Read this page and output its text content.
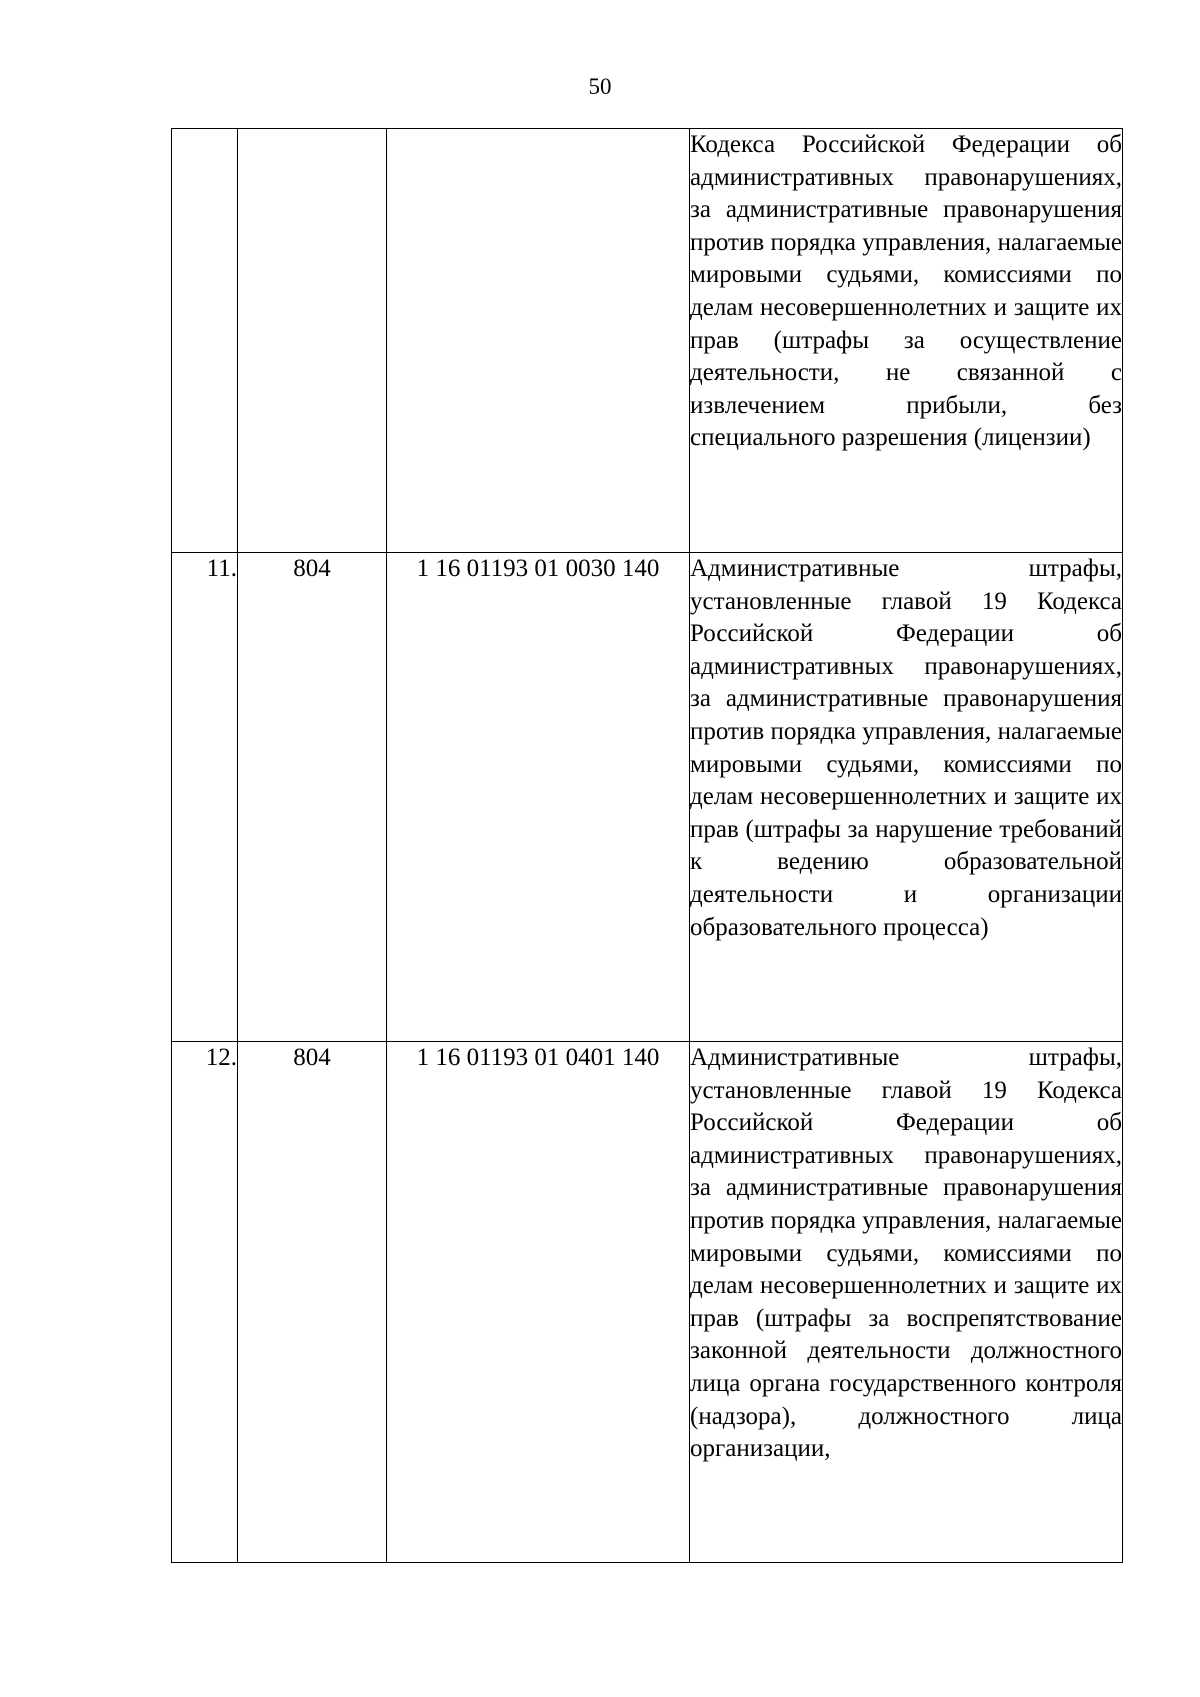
50

			Кодекса Российской Федерации об административных правонарушениях, за административные правонарушения против порядка управления, налагаемые мировыми судьями, комиссиями по делам несовершеннолетних и защите их прав (штрафы за осуществление деятельности, не связанной с извлечением прибыли, без специального разрешения (лицензии)

11.	804	1 16 01193 01 0030 140	Административные штрафы, установленные главой 19 Кодекса Российской Федерации об административных правонарушениях, за административные правонарушения против порядка управления, налагаемые мировыми судьями, комиссиями по делам несовершеннолетних и защите их прав (штрафы за нарушение требований к ведению образовательной деятельности и организации образовательного процесса)

12.	804	1 16 01193 01 0401 140	Административные штрафы, установленные главой 19 Кодекса Российской Федерации об административных правонарушениях, за административные правонарушения против порядка управления, налагаемые мировыми судьями, комиссиями по делам несовершеннолетних и защите их прав (штрафы за воспрепятствование законной деятельности должностного лица органа государственного контроля (надзора), должностного лица организации,
